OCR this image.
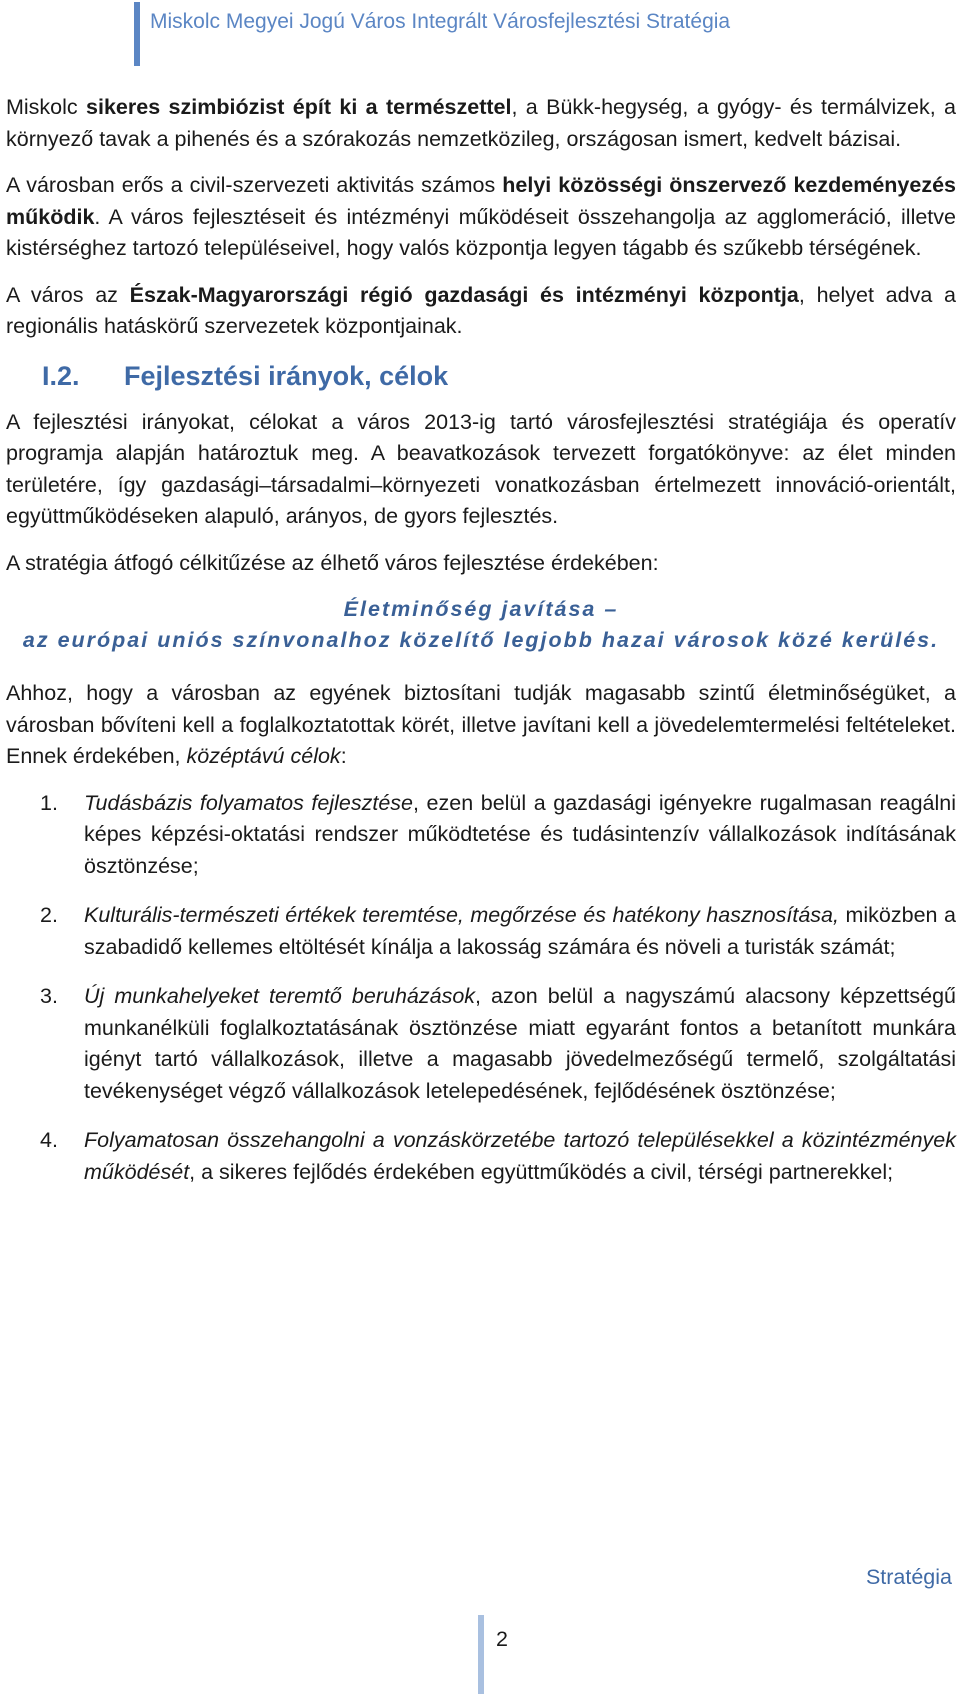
Miskolc Megyei Jogú Város Integrált Városfejlesztési Stratégia

Miskolc sikeres szimbiózist épít ki a természettel, a Bükk-hegység, a gyógy- és termálvizek, a környező tavak a pihenés és a szórakozás nemzetközileg, országosan ismert, kedvelt bázisai.

A városban erős a civil-szervezeti aktivitás számos helyi közösségi önszervező kezdeményezés működik. A város fejlesztéseit és intézményi működéseit összehangolja az agglomeráció, illetve kistérséghez tartozó településeivel, hogy valós központja legyen tágabb és szűkebb térségének.

A város az Észak-Magyarországi régió gazdasági és intézményi központja, helyet adva a regionális hatáskörű szervezetek központjainak.

I.2.	Fejlesztési irányok, célok

A fejlesztési irányokat, célokat a város 2013-ig tartó városfejlesztési stratégiája és operatív programja alapján határoztuk meg. A beavatkozások tervezett forgatókönyve: az élet minden területére, így gazdasági–társadalmi–környezeti vonatkozásban értelmezett innováció-orientált, együttműködéseken alapuló, arányos, de gyors fejlesztés.

A stratégia átfogó célkitűzése az élhető város fejlesztése érdekében:

Életminőség javítása –
az európai uniós színvonalhoz közelítő legjobb hazai városok közé kerülés.

Ahhoz, hogy a városban az egyének biztosítani tudják magasabb szintű életminőségüket, a városban bővíteni kell a foglalkoztatottak körét, illetve javítani kell a jövedelemtermelési feltételeket. Ennek érdekében, középtávú célok:

1.	Tudásbázis folyamatos fejlesztése, ezen belül a gazdasági igényekre rugalmasan reagálni képes képzési-oktatási rendszer működtetése és tudásintenzív vállalkozások indításának ösztönzése;
2.	Kulturális-természeti értékek teremtése, megőrzése és hatékony hasznosítása, miközben a szabadidő kellemes eltöltését kínálja a lakosság számára és növeli a turisták számát;
3.	Új munkahelyeket teremtő beruházások, azon belül a nagyszámú alacsony képzettségű munkanélküli foglalkoztatásának ösztönzése miatt egyaránt fontos a betanított munkára igényt tartó vállalkozások, illetve a magasabb jövedelmezőségű termelő, szolgáltatási tevékenységet végző vállalkozások letelepedésének, fejlődésének ösztönzése;
4.	Folyamatosan összehangolni a vonzáskörzetébe tartozó településekkel a közintézmények működését, a sikeres fejlődés érdekében együttműködés a civil, térségi partnerekkel;
Stratégia
2
